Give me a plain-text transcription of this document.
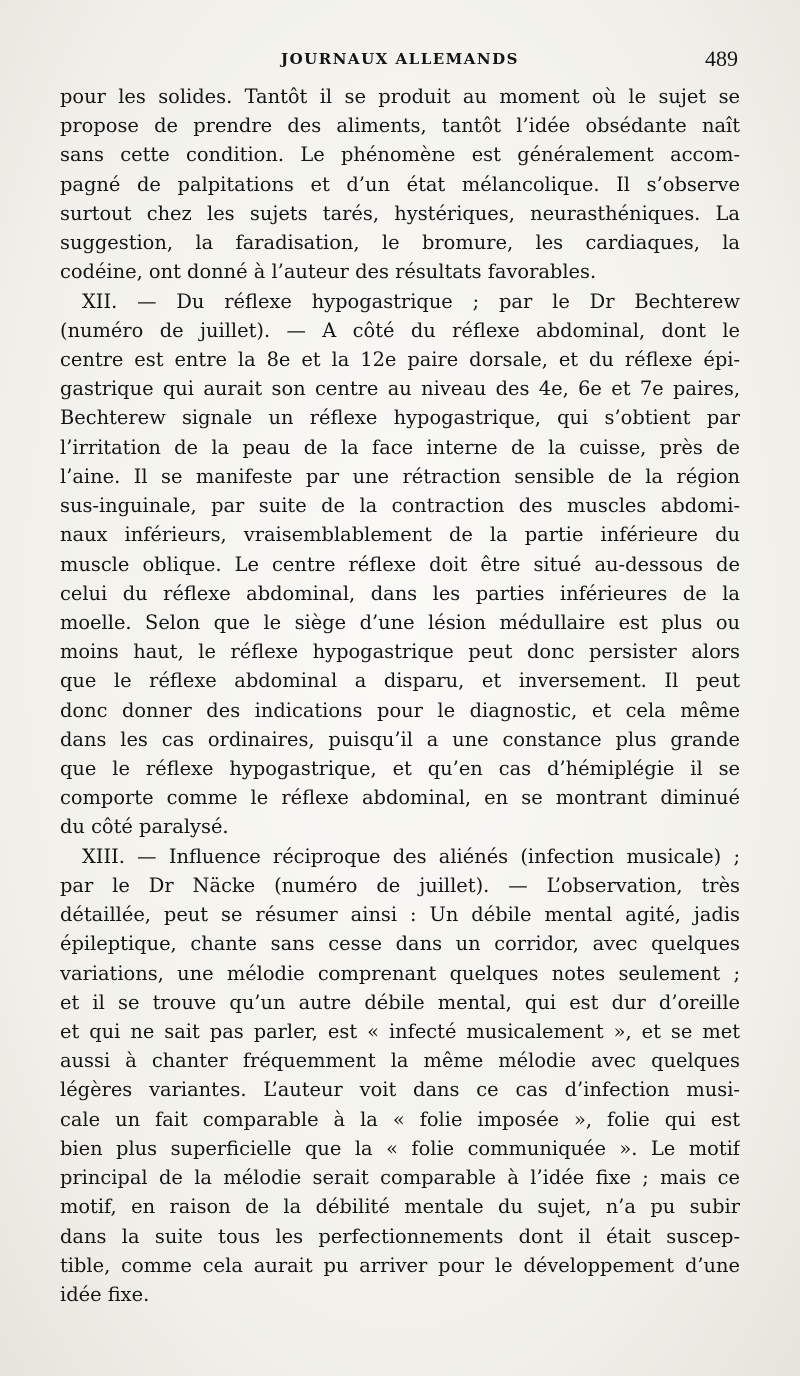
JOURNAUX ALLEMANDS	489
pour les solides. Tantôt il se produit au moment où le sujet se
propose de prendre des aliments, tantôt l’idée obsédante naît
sans cette condition. Le phénomène est généralement accom-
pagné de palpitations et d’un état mélancolique. Il s’observe
surtout chez les sujets tarés, hystériques, neurasthéniques. La
suggestion, la faradisation, le bromure, les cardiaques, la
codéine, ont donné à l’auteur des résultats favorables.
XII. — Du réflexe hypogastrique ; par le Dr Bechterew
(numéro de juillet). — A côté du réflexe abdominal, dont le
centre est entre la 8e et la 12e paire dorsale, et du réflexe épi-
gastrique qui aurait son centre au niveau des 4e, 6e et 7e paires,
Bechterew signale un réflexe hypogastrique, qui s’obtient par
l’irritation de la peau de la face interne de la cuisse, près de
l’aine. Il se manifeste par une rétraction sensible de la région
sus-inguinale, par suite de la contraction des muscles abdomi-
naux inférieurs, vraisemblablement de la partie inférieure du
muscle oblique. Le centre réflexe doit être situé au-dessous de
celui du réflexe abdominal, dans les parties inférieures de la
moelle. Selon que le siège d’une lésion médullaire est plus ou
moins haut, le réflexe hypogastrique peut donc persister alors
que le réflexe abdominal a disparu, et inversement. Il peut
donc donner des indications pour le diagnostic, et cela même
dans les cas ordinaires, puisqu’il a une constance plus grande
que le réflexe hypogastrique, et qu’en cas d’hémiplégie il se
comporte comme le réflexe abdominal, en se montrant diminué
du côté paralysé.
XIII. — Influence réciproque des aliénés (infection musicale) ;
par le Dr Näcke (numéro de juillet). — L’observation, très
détaillée, peut se résumer ainsi : Un débile mental agité, jadis
épileptique, chante sans cesse dans un corridor, avec quelques
variations, une mélodie comprenant quelques notes seulement ;
et il se trouve qu’un autre débile mental, qui est dur d’oreille
et qui ne sait pas parler, est « infecté musicalement », et se met
aussi à chanter fréquemment la même mélodie avec quelques
légères variantes. L’auteur voit dans ce cas d’infection musi-
cale un fait comparable à la « folie imposée », folie qui est
bien plus superficielle que la « folie communiquée ». Le motif
principal de la mélodie serait comparable à l’idée fixe ; mais ce
motif, en raison de la débilité mentale du sujet, n’a pu subir
dans la suite tous les perfectionnements dont il était suscep-
tible, comme cela aurait pu arriver pour le développement d’une
idée fixe.
